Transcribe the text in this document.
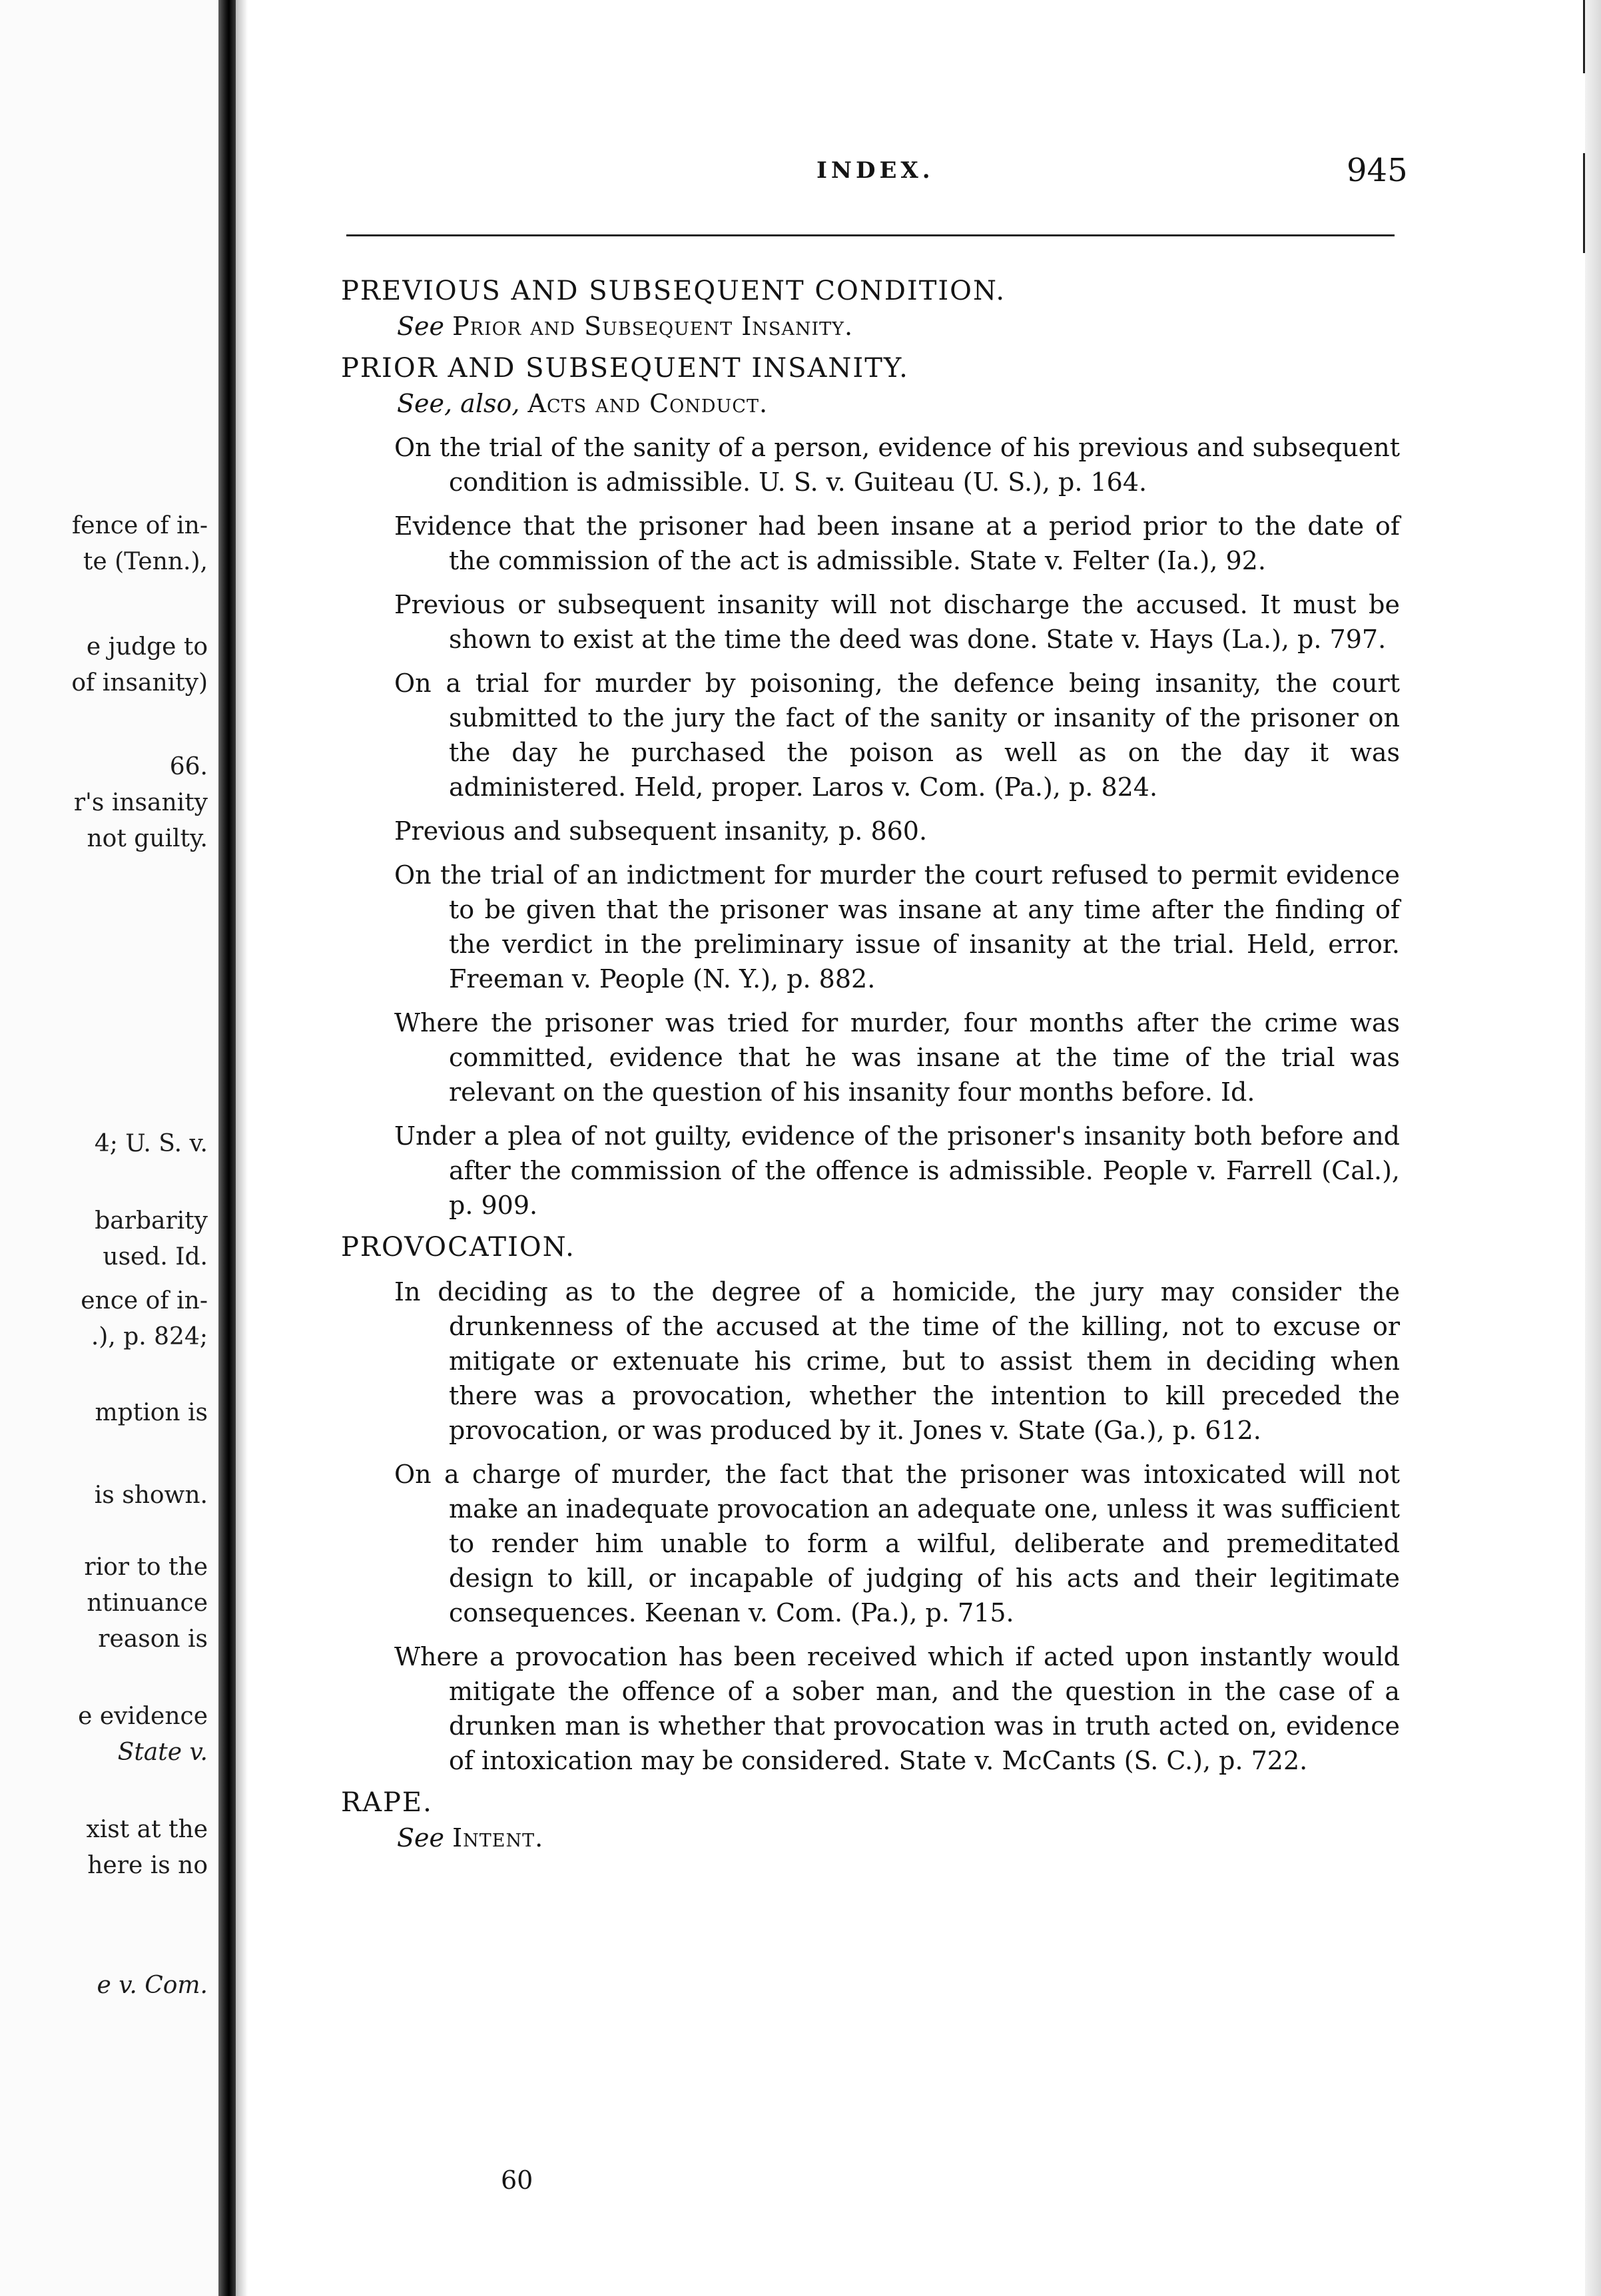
fence of in-
te (Tenn.),
e judge to
of insanity)
66.
r's insanity
not guilty.
4; U. S. v.
barbarity
used. Id.
ence of in-
.), p. 824;
mption is
is shown.
rior to the
ntinuance
reason is
e evidence
State v.
xist at the
here is no
e v. Com.
INDEX.	945
PREVIOUS AND SUBSEQUENT CONDITION.
See Prior and Subsequent Insanity.
PRIOR AND SUBSEQUENT INSANITY.
See, also, Acts and Conduct.
On the trial of the sanity of a person, evidence of his previous and subsequent condition is admissible. U. S. v. Guiteau (U. S.), p. 164.
Evidence that the prisoner had been insane at a period prior to the date of the commission of the act is admissible. State v. Felter (Ia.), 92.
Previous or subsequent insanity will not discharge the accused. It must be shown to exist at the time the deed was done. State v. Hays (La.), p. 797.
On a trial for murder by poisoning, the defence being insanity, the court submitted to the jury the fact of the sanity or insanity of the prisoner on the day he purchased the poison as well as on the day it was administered. Held, proper. Laros v. Com. (Pa.), p. 824.
Previous and subsequent insanity, p. 860.
On the trial of an indictment for murder the court refused to permit evidence to be given that the prisoner was insane at any time after the finding of the verdict in the preliminary issue of insanity at the trial. Held, error. Freeman v. People (N. Y.), p. 882.
Where the prisoner was tried for murder, four months after the crime was committed, evidence that he was insane at the time of the trial was relevant on the question of his insanity four months before. Id.
Under a plea of not guilty, evidence of the prisoner's insanity both before and after the commission of the offence is admissible. People v. Farrell (Cal.), p. 909.
PROVOCATION.
In deciding as to the degree of a homicide, the jury may consider the drunkenness of the accused at the time of the killing, not to excuse or mitigate or extenuate his crime, but to assist them in deciding when there was a provocation, whether the intention to kill preceded the provocation, or was produced by it. Jones v. State (Ga.), p. 612.
On a charge of murder, the fact that the prisoner was intoxicated will not make an inadequate provocation an adequate one, unless it was sufficient to render him unable to form a wilful, deliberate and premeditated design to kill, or incapable of judging of his acts and their legitimate consequences. Keenan v. Com. (Pa.), p. 715.
Where a provocation has been received which if acted upon instantly would mitigate the offence of a sober man, and the question in the case of a drunken man is whether that provocation was in truth acted on, evidence of intoxication may be considered. State v. McCants (S. C.), p. 722.
RAPE.
See Intent.
60
